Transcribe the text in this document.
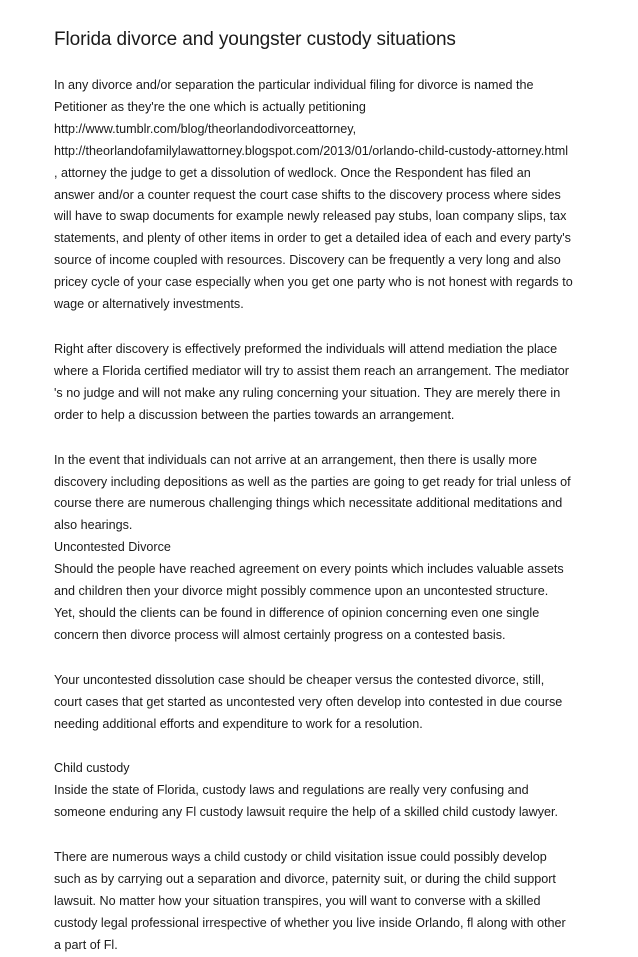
Florida divorce and youngster custody situations
In any divorce and/or separation the particular individual filing for divorce is named the
Petitioner as they're the one which is actually petitioning
http://www.tumblr.com/blog/theorlandodivorceattorney,
http://theorlandofamilylawattorney.blogspot.com/2013/01/orlando-child-custody-attorney.html
, attorney the judge to get a dissolution of wedlock. Once the Respondent has filed an
answer and/or a counter request the court case shifts to the discovery process where sides
will have to swap documents for example newly released pay stubs, loan company slips, tax
statements, and plenty of other items in order to get a detailed idea of each and every party's
source of income coupled with resources. Discovery can be frequently a very long and also
pricey cycle of your case especially when you get one party who is not honest with regards to
wage or alternatively investments.
Right after discovery is effectively preformed the individuals will attend mediation the place
where a Florida certified mediator will try to assist them reach an arrangement. The mediator
's no judge and will not make any ruling concerning your situation. They are merely there in
order to help a discussion between the parties towards an arrangement.
In the event that individuals can not arrive at an arrangement, then there is usally more
discovery including depositions as well as the parties are going to get ready for trial unless of
course there are numerous challenging things which necessitate additional meditations and
also hearings.
Uncontested Divorce
Should the people have reached agreement on every points which includes valuable assets
and children then your divorce might possibly commence upon an uncontested structure.
Yet, should the clients can be found in difference of opinion concerning even one single
concern then divorce process will almost certainly progress on a contested basis.
Your uncontested dissolution case should be cheaper versus the contested divorce, still,
court cases that get started as uncontested very often develop into contested in due course
needing additional efforts and expenditure to work for a resolution.
Child custody
Inside the state of Florida, custody laws and regulations are really very confusing and
someone enduring any Fl custody lawsuit require the help of a skilled child custody lawyer.
There are numerous ways a child custody or child visitation issue could possibly develop
such as by carrying out a separation and divorce, paternity suit, or during the child support
lawsuit. No matter how your situation transpires, you will want to converse with a skilled
custody legal professional irrespective of whether you live inside Orlando, fl along with other
a part of Fl.
